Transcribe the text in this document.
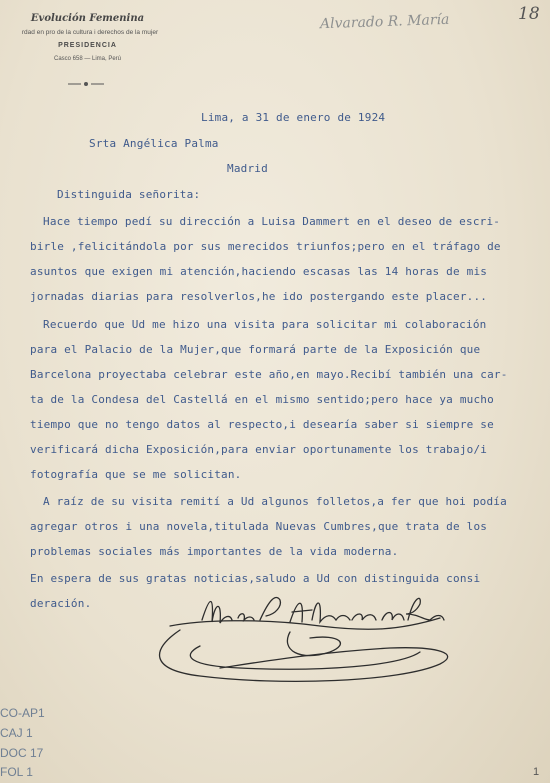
Evolución Femenina
rdad en pro de la cultura i derechos de la mujer
PRESIDENCIA
Casco 658 — Lima, Perú
Alvarado R. María	18
Lima, a 31 de enero de 1924
Srta Angélica Palma
Madrid
Distinguida señorita:
Hace tiempo pedí su dirección a Luisa Dammert en el deseo de escri-
birle ,felicitándola por sus merecidos triunfos;pero en el tráfago de
asuntos que exigen mi atención,haciendo escasas las 14 horas de mis
jornadas diarias para resolverlos,he ido postergando este placer...
Recuerdo que Ud me hizo una visita para solicitar mi colaboración
para el Palacio de la Mujer,que formará parte de la Exposición que
Barcelona proyectaba celebrar este año,en mayo.Recibí también una car-
ta de la Condesa del Castellá en el mismo sentido;pero hace ya mucho
tiempo que no tengo datos al respecto,i desearía saber si siempre se
verificará dicha Exposición,para enviar oportunamente los trabajo/i
fotografía que se me solicitan.
A raíz de su visita remití a Ud algunos folletos,a fer que hoi podía
agregar otros i una novela,titulada Nuevas Cumbres,que trata de los
problemas sociales más importantes de la vida moderna.
En espera de sus gratas noticias,saludo a Ud con distinguida consi
deración.
CO-AP1
CAJ 1
DOC 17
FOL 1	1
